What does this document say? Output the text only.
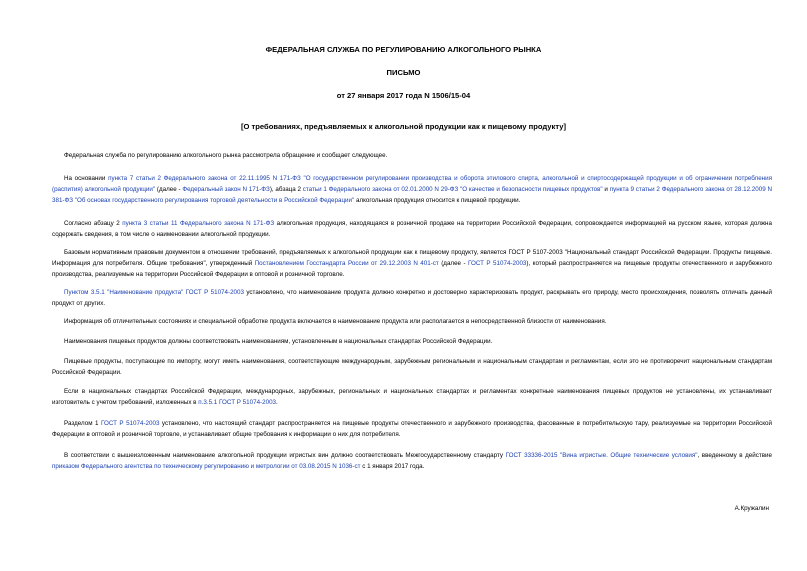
ФЕДЕРАЛЬНАЯ СЛУЖБА ПО РЕГУЛИРОВАНИЮ АЛКОГОЛЬНОГО РЫНКА
ПИСЬМО
от 27 января 2017 года N 1506/15-04
[О требованиях, предъявляемых к алкогольной продукции как к пищевому продукту]
Федеральная служба по регулированию алкогольного рынка рассмотрела обращение и сообщает следующее.
На основании пункта 7 статьи 2 Федерального закона от 22.11.1995 N 171-ФЗ "О государственном регулировании производства и оборота этилового спирта, алкогольной и спиртосодержащей продукции и об ограничении потребления (распития) алкогольной продукции" (далее - Федеральный закон N 171-ФЗ), абзаца 2 статьи 1 Федерального закона от 02.01.2000 N 29-ФЗ "О качестве и безопасности пищевых продуктов" и пункта 9 статьи 2 Федерального закона от 28.12.2009 N 381-ФЗ "Об основах государственного регулирования торговой деятельности в Российской Федерации" алкогольная продукция относится к пищевой продукции.
Согласно абзацу 2 пункта 3 статьи 11 Федерального закона N 171-ФЗ алкогольная продукция, находящаяся в розничной продаже на территории Российской Федерации, сопровождается информацией на русском языке, которая должна содержать сведения, в том числе о наименовании алкогольной продукции.
Базовым нормативным правовым документом в отношении требований, предъявляемых к алкогольной продукции как к пищевому продукту, является ГОСТ Р 5107-2003 "Национальный стандарт Российской Федерации. Продукты пищевые. Информация для потребителя. Общие требования", утвержденный Постановлением Госстандарта России от 29.12.2003 N 401-ст (далее - ГОСТ Р 51074-2003), который распространяется на пищевые продукты отечественного и зарубежного производства, реализуемые на территории Российской Федерации в оптовой и розничной торговле.
Пунктом 3.5.1 "Наименование продукта" ГОСТ Р 51074-2003 установлено, что наименование продукта должно конкретно и достоверно характеризовать продукт, раскрывать его природу, место происхождения, позволять отличать данный продукт от других.
Информация об отличительных состояниях и специальной обработке продукта включается в наименование продукта или располагается в непосредственной близости от наименования.
Наименования пищевых продуктов должны соответствовать наименованиям, установленным в национальных стандартах Российской Федерации.
Пищевые продукты, поступающие по импорту, могут иметь наименования, соответствующие международным, зарубежным региональным и национальным стандартам и регламентам, если это не противоречит национальным стандартам Российской Федерации.
Если в национальных стандартах Российской Федерации, международных, зарубежных, региональных и национальных стандартах и регламентах конкретные наименования пищевых продуктов не установлены, их устанавливает изготовитель с учетом требований, изложенных в п.3.5.1 ГОСТ Р 51074-2003.
Разделом 1 ГОСТ Р 51074-2003 установлено, что настоящий стандарт распространяется на пищевые продукты отечественного и зарубежного производства, фасованные в потребительскую тару, реализуемые на территории Российской Федерации в оптовой и розничной торговле, и устанавливает общие требования к информации о них для потребителя.
В соответствии с вышеизложенным наименование алкогольной продукции игристых вин должно соответствовать Межгосударственному стандарту ГОСТ 33336-2015 "Вина игристые. Общие технические условия", введенному в действие приказом Федерального агентства по техническому регулированию и метрологии от 03.08.2015 N 1036-ст с 1 января 2017 года.
А.Кружалин
